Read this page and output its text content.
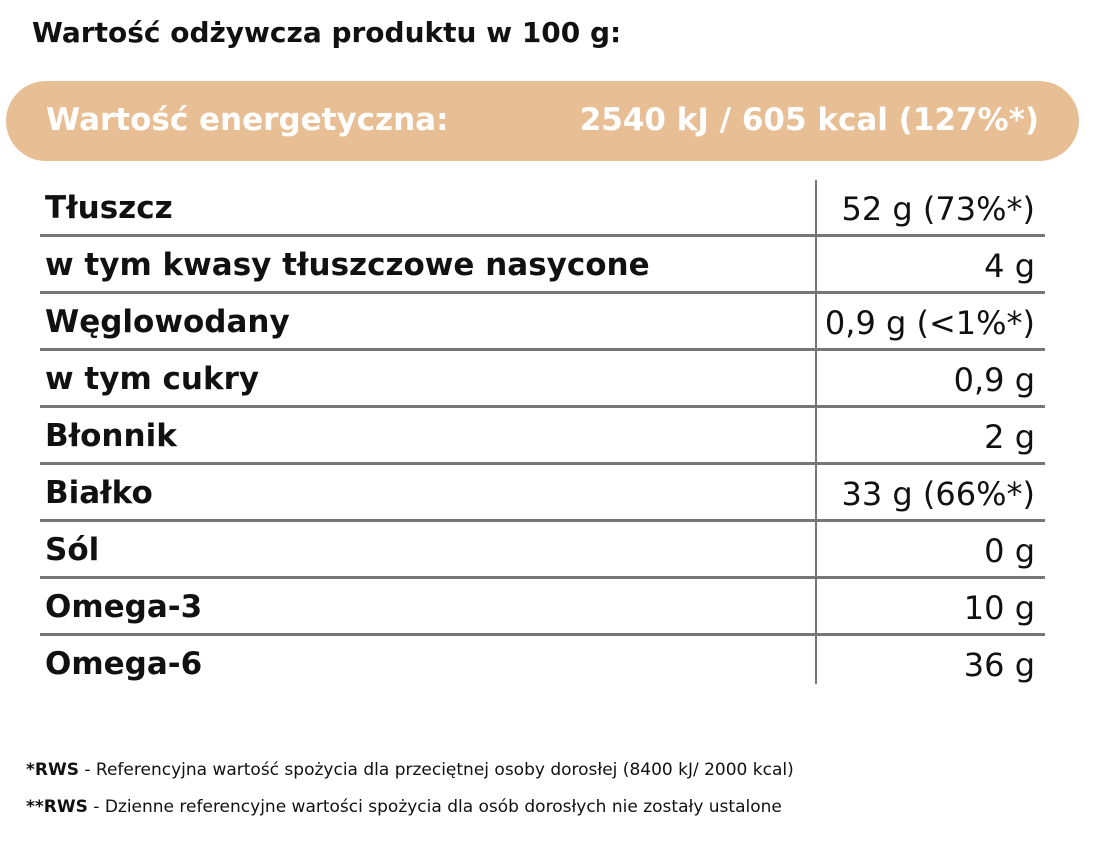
Wartość odżywcza produktu w 100 g:
Wartość energetyczna:	2540 kJ / 605 kcal (127%*)
Tłuszcz	52 g (73%*)
w tym kwasy tłuszczowe nasycone	4 g
Węglowodany	0,9 g (<1%*)
w tym cukry	0,9 g
Błonnik	2 g
Białko	33 g (66%*)
Sól	0 g
Omega-3	10 g
Omega-6	36 g
*RWS - Referencyjna wartość spożycia dla przeciętnej osoby dorosłej (8400 kJ/ 2000 kcal)
**RWS - Dzienne referencyjne wartości spożycia dla osób dorosłych nie zostały ustalone
